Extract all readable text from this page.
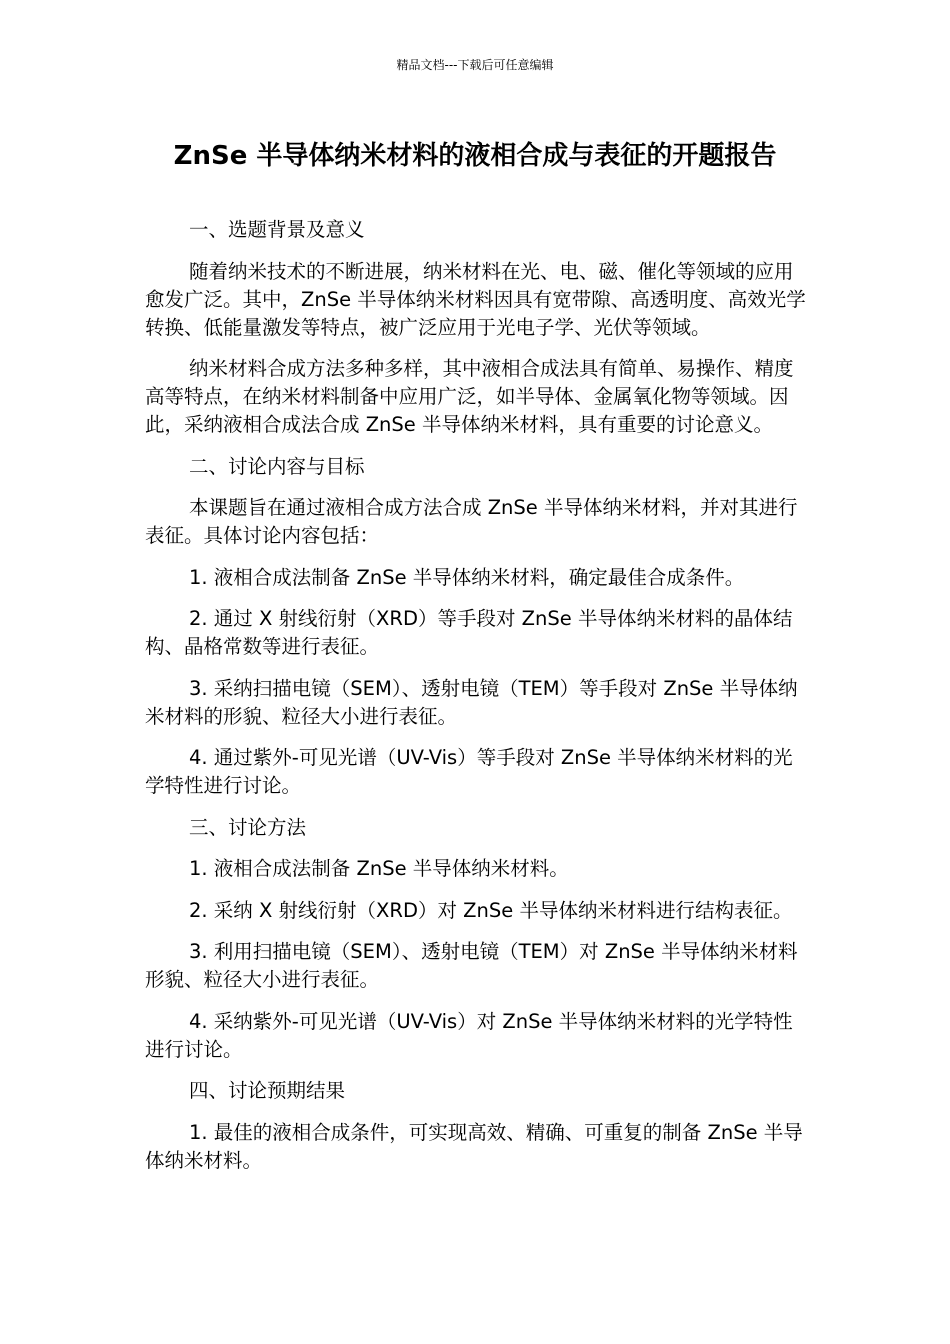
精品文档---下载后可任意编辑
ZnSe 半导体纳米材料的液相合成与表征的开题报告

一、选题背景及意义

随着纳米技术的不断进展，纳米材料在光、电、磁、催化等领域的应用愈发广泛。其中，ZnSe 半导体纳米材料因具有宽带隙、高透明度、高效光学转换、低能量激发等特点，被广泛应用于光电子学、光伏等领域。

纳米材料合成方法多种多样，其中液相合成法具有简单、易操作、精度高等特点，在纳米材料制备中应用广泛，如半导体、金属氧化物等领域。因此，采纳液相合成法合成 ZnSe 半导体纳米材料，具有重要的讨论意义。

二、讨论内容与目标

本课题旨在通过液相合成方法合成 ZnSe 半导体纳米材料，并对其进行表征。具体讨论内容包括：

1. 液相合成法制备 ZnSe 半导体纳米材料，确定最佳合成条件。

2. 通过 X 射线衍射（XRD）等手段对 ZnSe 半导体纳米材料的晶体结构、晶格常数等进行表征。

3. 采纳扫描电镜（SEM）、透射电镜（TEM）等手段对 ZnSe 半导体纳米材料的形貌、粒径大小进行表征。

4. 通过紫外-可见光谱（UV-Vis）等手段对 ZnSe 半导体纳米材料的光学特性进行讨论。

三、讨论方法

1. 液相合成法制备 ZnSe 半导体纳米材料。

2. 采纳 X 射线衍射（XRD）对 ZnSe 半导体纳米材料进行结构表征。

3. 利用扫描电镜（SEM）、透射电镜（TEM）对 ZnSe 半导体纳米材料形貌、粒径大小进行表征。

4. 采纳紫外-可见光谱（UV-Vis）对 ZnSe 半导体纳米材料的光学特性进行讨论。

四、讨论预期结果

1. 最佳的液相合成条件，可实现高效、精确、可重复的制备 ZnSe 半导体纳米材料。
